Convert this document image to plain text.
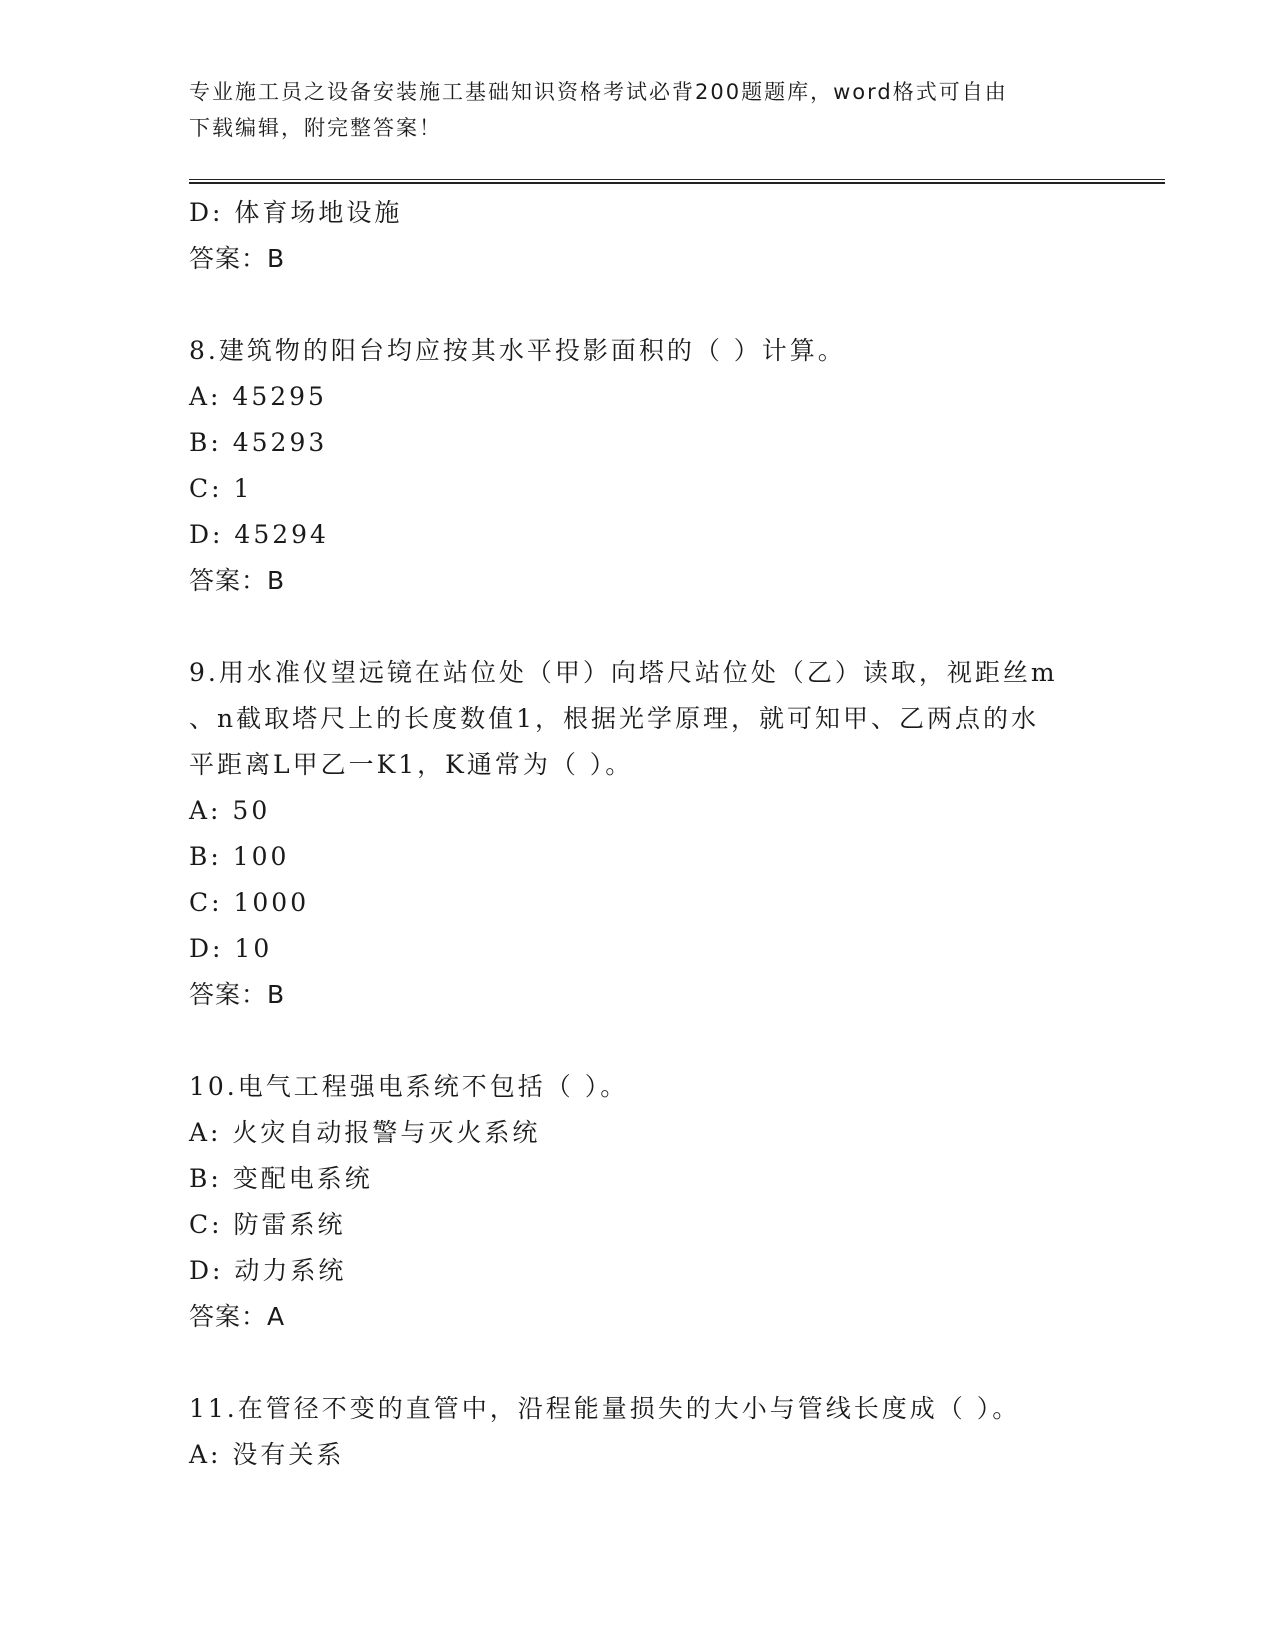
专业施工员之设备安装施工基础知识资格考试必背200题题库，word格式可自由
下载编辑，附完整答案！
D: 体育场地设施
答案：B
8.建筑物的阳台均应按其水平投影面积的（ ）计算。
A: 45295
B: 45293
C: 1
D: 45294
答案：B
9.用水准仪望远镜在站位处（甲）向塔尺站位处（乙）读取，视距丝m
、n截取塔尺上的长度数值1，根据光学原理，就可知甲、乙两点的水
平距离L甲乙一K1，K通常为（ ）。
A: 50
B: 100
C: 1000
D: 10
答案：B
10.电气工程强电系统不包括（ ）。
A: 火灾自动报警与灭火系统
B: 变配电系统
C: 防雷系统
D: 动力系统
答案：A
11.在管径不变的直管中，沿程能量损失的大小与管线长度成（ ）。
A: 没有关系
